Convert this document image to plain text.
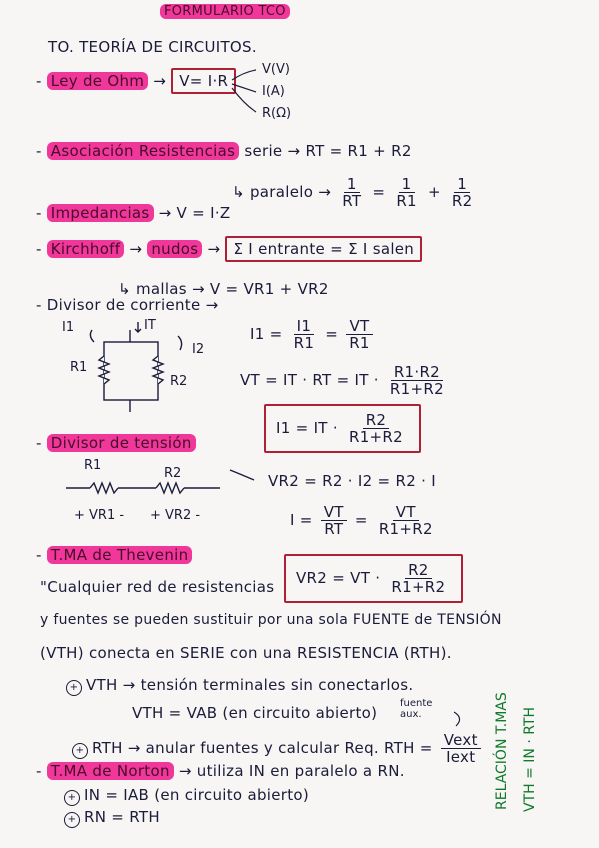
FORMULARIO TCO
TO. TEORÍA DE CIRCUITOS.
- Ley de Ohm → V= I·R
V(V)
I(A)
R(Ω)
- Asociación Resistencias serie → RT = R1 + R2
↳ paralelo → $\frac{1}{RT} = \frac{1}{R1} + \frac{1}{R2}$
- Impedancias → V = I·Z
- Kirchhoff → nudos → Σ I entrante = Σ I salen
↳ mallas → V = VR1 + VR2
- Divisor de corriente →
$I1 = \frac{I1}{R1} = \frac{VT}{R1}$
VT = IT · RT = IT · $\frac{R1\cdot R2}{R1+R2}$
I1 = IT · $\frac{R2}{R1+R2}$
I1	IT
I2
R1
R2
- Divisor de tensión
R1
R2	VR2 = R2 · I2 = R2 · I
+ VR1 - + VR2 -	$I = \frac{VT}{RT} = \frac{VT}{R1+R2}$
VR2 = VT · $\frac{R2}{R1+R2}$
- T.MA de Thevenin
"Cualquier red de resistencias
y fuentes se pueden sustituir por una sola FUENTE de TENSIÓN
(VTH) conecta en SERIE con una RESISTENCIA (RTH).
+ VTH → tensión terminales sin conectarlos.
VTH = VAB (en circuito abierto)
fuente aux.
+ RTH → anular fuentes y calcular Req. RTH = $\frac{\text{Vext}}{\text{Iext}}$
- T.MA de Norton → utiliza IN en paralelo a RN.
+ IN = IAB (en circuito abierto)
+ RN = RTH
RELACIÓN T.MAS VTH = IN · RTH
